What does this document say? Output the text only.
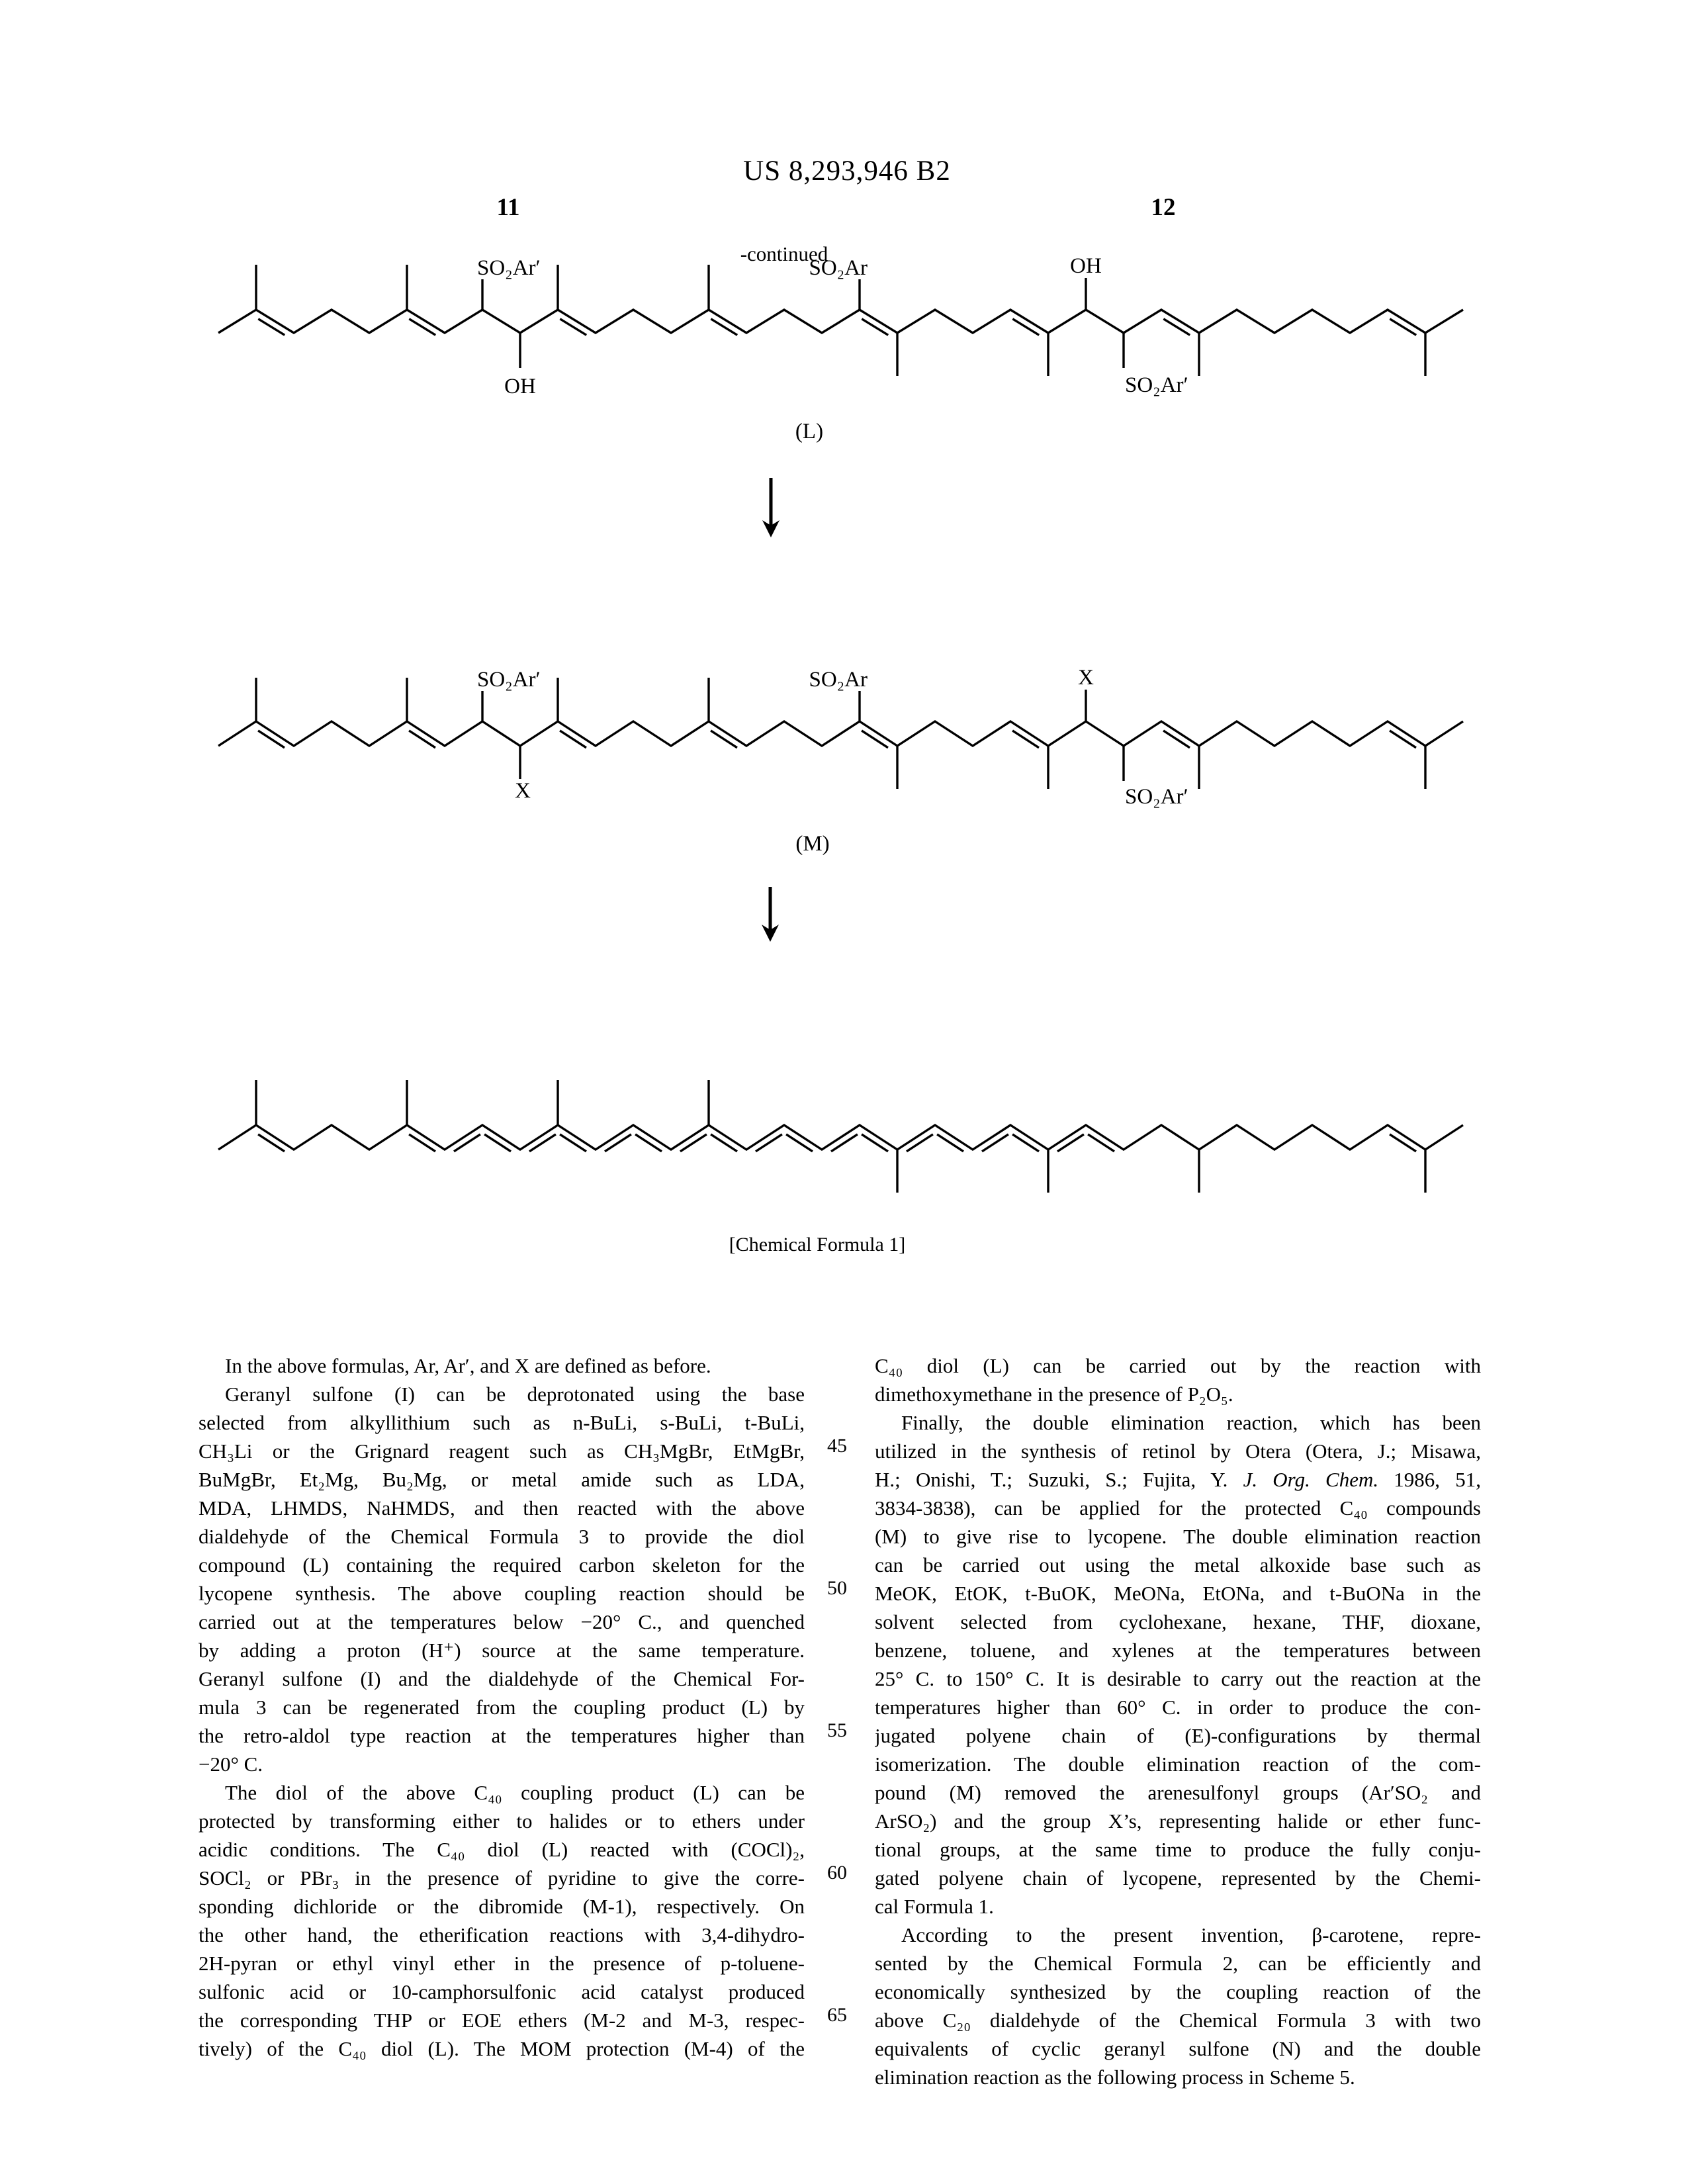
US 8,293,946 B2
11	12
-continued
SO₂Ar′
OH
SO₂Ar	OH
SO₂Ar′
(L)
SO₂Ar′
X
SO₂Ar	X
SO₂Ar′
(M)
[Chemical Formula 1]
45
50
55
60
65
In the above formulas, Ar, Ar′, and X are defined as before.
Geranyl sulfone (I) can be deprotonated using the base
selected from alkyllithium such as n-BuLi, s-BuLi, t-BuLi,
CH₃Li or the Grignard reagent such as CH₃MgBr, EtMgBr,
BuMgBr, Et₂Mg, Bu₂Mg, or metal amide such as LDA,
MDA, LHMDS, NaHMDS, and then reacted with the above
dialdehyde of the Chemical Formula 3 to provide the diol
compound (L) containing the required carbon skeleton for the
lycopene synthesis. The above coupling reaction should be
carried out at the temperatures below −20° C., and quenched
by adding a proton (H⁺) source at the same temperature.
Geranyl sulfone (I) and the dialdehyde of the Chemical For-
mula 3 can be regenerated from the coupling product (L) by
the retro-aldol type reaction at the temperatures higher than
−20° C.
The diol of the above C₄₀ coupling product (L) can be
protected by transforming either to halides or to ethers under
acidic conditions. The C₄₀ diol (L) reacted with (COCl)₂,
SOCl₂ or PBr₃ in the presence of pyridine to give the corre-
sponding dichloride or the dibromide (M-1), respectively. On
the other hand, the etherification reactions with 3,4-dihydro-
2H-pyran or ethyl vinyl ether in the presence of p-toluene-
sulfonic acid or 10-camphorsulfonic acid catalyst produced
the corresponding THP or EOE ethers (M-2 and M-3, respec-
tively) of the C₄₀ diol (L). The MOM protection (M-4) of the
C₄₀ diol (L) can be carried out by the reaction with
dimethoxymethane in the presence of P₂O₅.
Finally, the double elimination reaction, which has been
utilized in the synthesis of retinol by Otera (Otera, J.; Misawa,
H.; Onishi, T.; Suzuki, S.; Fujita, Y. J. Org. Chem. 1986, 51,
3834-3838), can be applied for the protected C₄₀ compounds
(M) to give rise to lycopene. The double elimination reaction
can be carried out using the metal alkoxide base such as
MeOK, EtOK, t-BuOK, MeONa, EtONa, and t-BuONa in the
solvent selected from cyclohexane, hexane, THF, dioxane,
benzene, toluene, and xylenes at the temperatures between
25° C. to 150° C. It is desirable to carry out the reaction at the
temperatures higher than 60° C. in order to produce the con-
jugated polyene chain of (E)-configurations by thermal
isomerization. The double elimination reaction of the com-
pound (M) removed the arenesulfonyl groups (Ar′SO₂ and
ArSO₂) and the group X’s, representing halide or ether func-
tional groups, at the same time to produce the fully conju-
gated polyene chain of lycopene, represented by the Chemi-
cal Formula 1.
According to the present invention, β-carotene, repre-
sented by the Chemical Formula 2, can be efficiently and
economically synthesized by the coupling reaction of the
above C₂₀ dialdehyde of the Chemical Formula 3 with two
equivalents of cyclic geranyl sulfone (N) and the double
elimination reaction as the following process in Scheme 5.
